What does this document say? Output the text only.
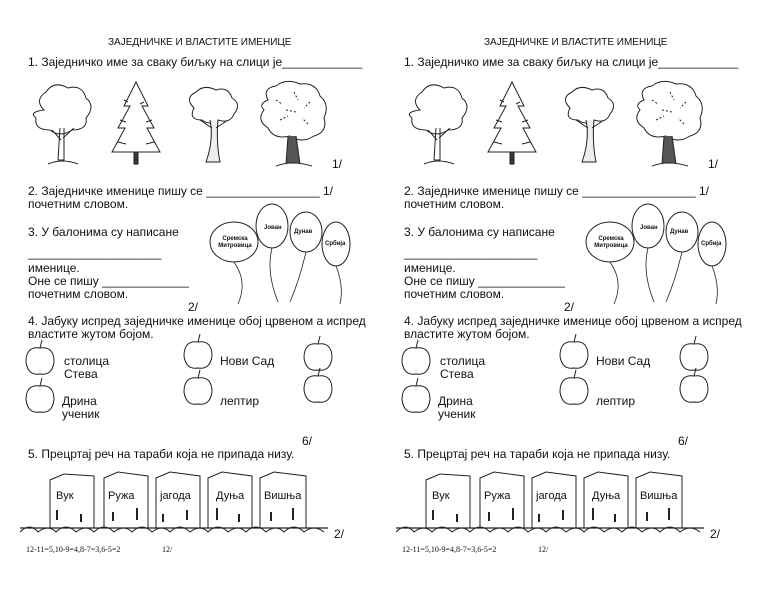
ЗАЈЕДНИЧКЕ И ВЛАСТИТЕ ИМЕНИЦЕ
1. Заједничко име за сваку биљку на слици је____________
1/
2. Заједничке именице пишу се _________________ 1/
почетним словом.
3. У балонима су написане
____________________
именице.
Оне се пишу _____________
почетним словом.
2/
Сремска Митровица
Јован
Дунав
Србија
4. Јабуку испред заједничке именице обој црвеном а испред
властите жутом бојом.
столица
Стева
Нови Сад
Дрина
ученик
лептир
6/
5. Прецртај реч на тараби која не припада низу.
Вук	Ружа јагода Дуња Вишња
2/
12-11=5,10-9=4,8-7=3,6-5=2	12/
ЗАЈЕДНИЧКЕ И ВЛАСТИТЕ ИМЕНИЦЕ
1. Заједничко име за сваку биљку на слици је____________
1/
2. Заједничке именице пишу се _________________ 1/
почетним словом.
3. У балонима су написане
____________________
именице.
Оне се пишу _____________
почетним словом.
2/
Сремска Митровица
Јован
Дунав
Србија
4. Јабуку испред заједничке именице обој црвеном а испред
властите жутом бојом.
столица
Стева
Нови Сад
Дрина
ученик
лептир
6/
5. Прецртај реч на тараби која не припада низу.
Вук	Ружа јагода Дуња Вишња
2/
12-11=5,10-9=4,8-7=3,6-5=2	12/
